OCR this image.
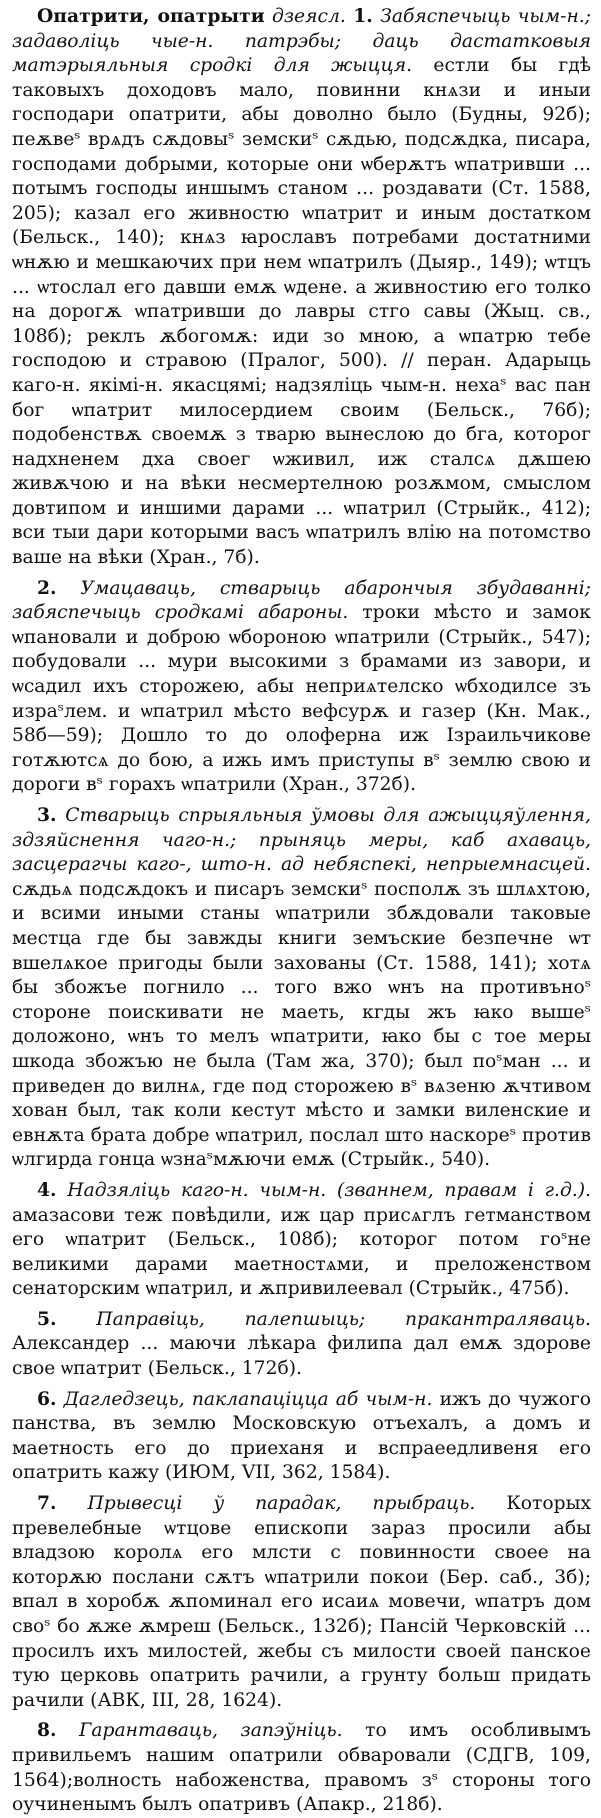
Опатрити, опатрыти дзеясл. 1. Забяспечыць чым-н.; задаволіць чые-н. патрэбы; даць дастатковыя матэрыяльныя сродкі для жыцця. естли бы гдѣ таковыхъ доходовъ мало, повинни кнѧзи и иныи господари опатрити, абы доволно было (Будны, 92б); пеѫвеˢ врѧдъ сѫдовыˢ земскиˢ сѫдью, подсѫдка, писара, господами добрыми, которые они ѡберѫтъ ѡпатривши ... потымъ господы иншымъ станом ... роздавати (Ст. 1588, 205); казал его живностю ѡпатрит и иным достатком (Бельск., 140); кнѧз ꙗрославъ потребами достатними ѡнѫю и мешкаючих при нем ѡпатрилъ (Дыяр., 149); ѡтцъ ... ѡтослал его давши емѫ ѡдене. а живностию его толко на дорогѫ ѡпатривши до лавры стго савы (Жыц. св., 108б); реклъ ѫбогомѫ: иди зо мною, а ѡпатрю тебе господою и стравою (Пралог, 500). // перан. Адарыць каго-н. якімі-н. якасцямі; надзяліць чым-н. нехаˢ вас пан бог ѡпатрит милосердием своим (Бельск., 76б); подобенствѫ своемѫ з тварю вынеслою до бга, которог надхненем дха своег ѡживил, иж сталсѧ дѫшею живѫчою и на вѣки несмертелною розѫмом, смыслом довтипом и иншими дарами ... ѡпатрил (Стрыйк., 412); вси тыи дари которыми васъ ѡпатрилъ влію на потомство ваше на вѣки (Хран., 7б).

2. Умацаваць, стварыць абарончыя збудаванні; забяспечыць сродкамі абароны. троки мѣсто и замок ѡпановали и доброю ѡбороною ѡпатрили (Стрыйк., 547); побудовали ... мури высокими з брамами из завори, и ѡсадил ихъ сторожею, абы неприѧтелско ѡбходилсе зъ израˢлем. и ѡпатрил мѣсто вефсурѫ и газер (Кн. Мак., 58б—59); Дошло то до олоферна иж Ізраильчикове готѫютсѧ до бою, а ижь имъ приступы вˢ землю свою и дороги вˢ горахъ ѡпатрили (Хран., 372б).

3. Стварыць спрыяльныя ўмовы для ажыццяўлення, здзяйснення чаго-н.; прыняць меры, каб ахаваць, засцерагчы каго-, што-н. ад небяспекі, непрыемнасцей. сѫдьѧ подсѫдокъ и писаръ земскиˢ посполѫ зъ шлѧхтою, и всими иными станы ѡпатрили збѫдовали таковые местца где бы завжды книги земъские безпечне ѡт вшелѧкое пригоды были захованы (Ст. 1588, 141); хотѧ бы збожъе погнило ... того вжо ѡнъ на противъноˢ стороне поискивати не маеть, кгды жъ ꙗко вышеˢ доложоно, ѡнъ то мелъ ѡпатрити, ꙗко бы с тое меры шкода збожъю не была (Там жа, 370); был поˢман ... и приведен до вилнѧ, где под сторожею вˢ вѧзеню ѫчтивом хован был, так коли кестут мѣсто и замки виленские и евнѫта брата добре ѡпатрил, послал што наскореˢ против ѡлгирда гонца ѡзнаˢмѫючи емѫ (Стрыйк., 540).

4. Надзяліць каго-н. чым-н. (званнем, правам і г.д.). амазасови теж повѣдили, иж цар присѧглъ гетманством его ѡпатрит (Бельск., 108б); которог потом гоˢне великими дарами маетностѧми, и преложенством сенаторским ѡпатрил, и ѫпривилеевал (Стрыйк., 475б).

5. Паправіць, палепшыць; пракантраляваць. Александер ... маючи лѣкара филипа дал емѫ здорове свое ѡпатрит (Бельск., 172б).

6. Дагледзець, паклапаціцца аб чым-н. ижъ до чужого панства, въ землю Московскую отъехалъ, а домъ и маетность его до приеханя и вспраеедливеня его опатрить кажу (ИЮМ, VII, 362, 1584).

7. Прывесці ў парадак, прыбраць. Которых превелебные ѡтцове епископи зараз просили абы владзою королѧ его млсти с повинности своее на которѫю послани сѫтъ ѡпатрили покои (Бер. саб., 3б); впал в хоробѫ ѫпоминал его исаиѧ мовечи, ѡпатръ дом своˢ бо ѫже ѫмреш (Бельск., 132б); Пансій Черковскій ... просилъ ихъ милостей, жебы съ милости своей панское тую церковь опатрить рачили, а грунту больш придать рачили (АВК, III, 28, 1624).

8. Гарантаваць, запэўніць. то имъ особливымъ привильемъ нашим опатрили обваровали (СДГВ, 109, 1564);волность набоженства, правомъ зˢ стороны того оучиненымъ былъ опатривъ (Апакр., 218б).
